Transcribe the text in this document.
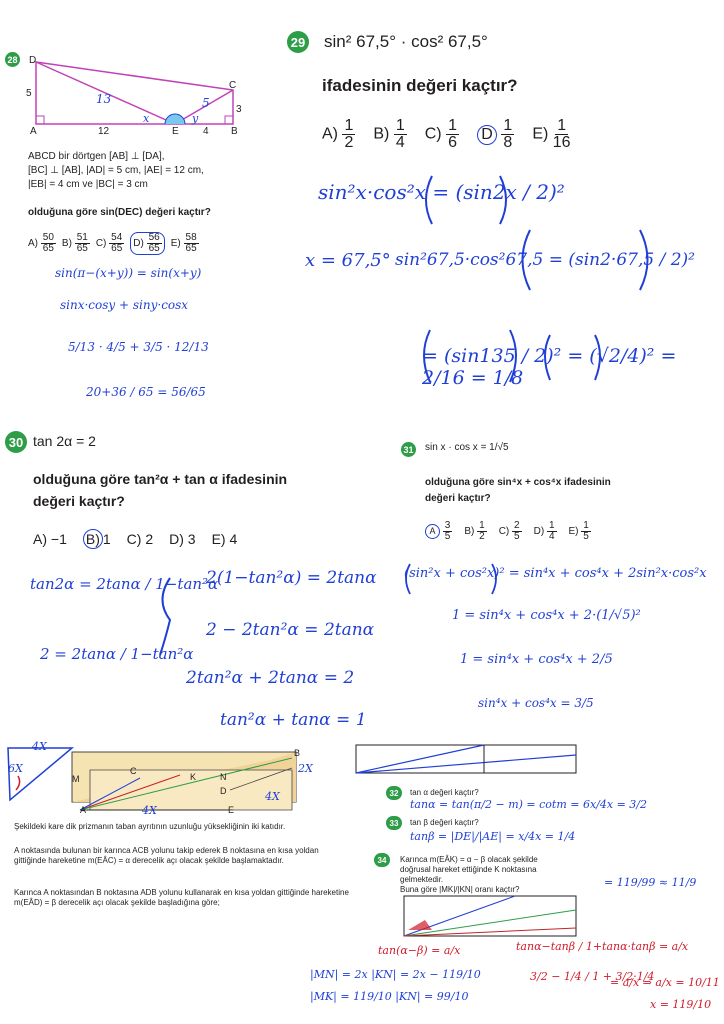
28 D
C
A	E	B
5
3
12	4
13	5
x	y
ABCD bir dörtgen [AB] ⊥ [DA],
[BC] ⊥ [AB], |AD| = 5 cm, |AE| = 12 cm,
|EB| = 4 cm ve |BC| = 3 cm
olduğuna göre sin(DEC) değeri kaçtır?
$A) \frac{50}{65} B) \frac{51}{65} C) \frac{54}{65} D) \frac{56}{65} E) \frac{58}{65}$
sin(π−(x+y)) = sin(x+y)
sinx·cosy + siny·cosx
5/13 · 4/5 + 3/5 · 12/13
20+36 / 65 = 56/65
29 sin² 67,5° · cos² 67,5°
ifadesinin değeri kaçtır?
$A) \frac{1}{2} B) \frac{1}{4} C) \frac{1}{6}$ D $\frac{1}{8} E) \frac{1}{16}$
sin²x·cos²x = (sin2x / 2)²
x = 67,5° sin²67,5·cos²67,5 = (sin2·67,5 / 2)²
= (sin135 / 2)² = (√2/4)² = 2/16 = 1/8
30 tan 2α = 2
olduğuna göre tan²α + tan α ifadesinin
değeri kaçtır?
A) −1 B) 1 C) 2 D) 3 E) 4
tan2α = 2tanα / 1−tan²α
2 = 2tanα / 1−tan²α
2(1−tan²α) = 2tanα
2 − 2tan²α = 2tanα
2tan²α + 2tanα = 2
tan²α + tanα = 1
31 sin x · cos x = 1/√5
olduğuna göre sin⁴x + cos⁴x ifadesinin
değeri kaçtır?
A $\frac{3}{5} B) \frac{1}{2} C) \frac{2}{5} D) \frac{1}{4} E) \frac{1}{5}$
(sin²x + cos²x)² = sin⁴x + cos⁴x + 2sin²x·cos²x
1 = sin⁴x + cos⁴x + 2·(1/√5)²
1 = sin⁴x + cos⁴x + 2/5
sin⁴x + cos⁴x = 3/5
4X
6X	2X
4X
4X
B
C
K	N
M
D
A	E
Şekildeki kare dik prizmanın taban ayrıtının uzunluğu yüksekliğinin iki katıdır.
A noktasında bulunan bir karınca ACB yolunu takip ederek B noktasına en kısa yoldan gittiğinde hareketine m(EÂC) = α derecelik açı olacak şekilde başlamaktadır.
Karınca A noktasından B noktasına ADB yolunu kullanarak en kısa yoldan gittiğinde hareketine m(EÂD) = β derecelik açı olacak şekilde başladığına göre;
32	tan α değeri kaçtır?
tanα = tan(π/2 − m) = cotm = 6x/4x = 3/2
33	tan β değeri kaçtır?
tanβ = |DE|/|AE| = x/4x = 1/4
34	Karınca m(EÂK) = α − β olacak şekilde
doğrusal hareket ettiğinde K noktasına
gelmektedir.
Buna göre |MK|/|KN| oranı kaçtır?
= 119/99 ≈ 11/9
tan(α−β) = a/x	tanα−tanβ / 1+tanα·tanβ = a/x
3/2 − 1/4 / 1 + 3/2·1/4
= a/x ⇒ a/x = 10/11
|MN| = 2x |KN| = 2x − 119/10
|MK| = 119/10 |KN| = 99/10
x = 119/10
